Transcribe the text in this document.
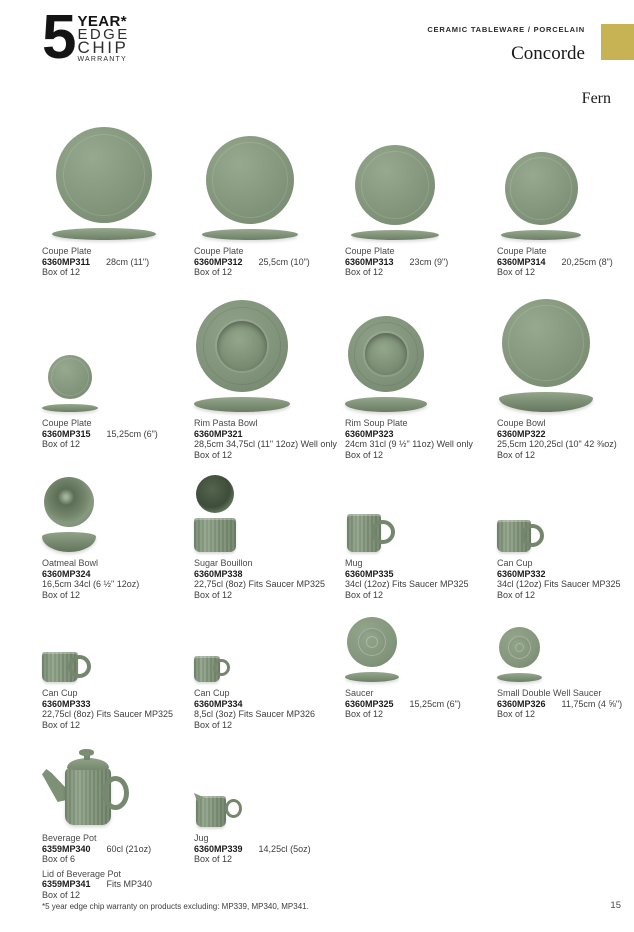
5 YEAR*
EDGE
CHIP
WARRANTY
CERAMIC TABLEWARE / PORCELAIN
Concorde
Fern
Coupe Plate
6360MP311 28cm (11")
Box of 12
Coupe Plate
6360MP312 25,5cm (10")
Box of 12
Coupe Plate
6360MP313 23cm (9")
Box of 12
Coupe Plate
6360MP314 20,25cm (8")
Box of 12
Coupe Plate
6360MP315 15,25cm (6")
Box of 12
Rim Pasta Bowl
6360MP321
28,5cm 34,75cl (11" 12oz) Well only
Box of 12
Rim Soup Plate
6360MP323
24cm 31cl (9 ½" 11oz) Well only
Box of 12
Coupe Bowl
6360MP322
25,5cm 120,25cl (10" 42 ⅜oz)
Box of 12
Oatmeal Bowl
6360MP324
16,5cm 34cl (6 ½" 12oz)
Box of 12
Sugar Bouillon
6360MP338
22,75cl (8oz) Fits Saucer MP325
Box of 12
Mug
6360MP335
34cl (12oz) Fits Saucer MP325
Box of 12
Can Cup
6360MP332
34cl (12oz) Fits Saucer MP325
Box of 12
Can Cup
6360MP333
22,75cl (8oz) Fits Saucer MP325
Box of 12
Can Cup
6360MP334
8,5cl (3oz) Fits Saucer MP326
Box of 12
Saucer
6360MP325 15,25cm (6")
Box of 12
Small Double Well Saucer
6360MP326 11,75cm (4 ⅝")
Box of 12
Beverage Pot
6359MP340 60cl (21oz)
Box of 6
Lid of Beverage Pot
6359MP341 Fits MP340
Box of 12
Jug
6360MP339 14,25cl (5oz)
Box of 12
*5 year edge chip warranty on products excluding: MP339, MP340, MP341.	15
